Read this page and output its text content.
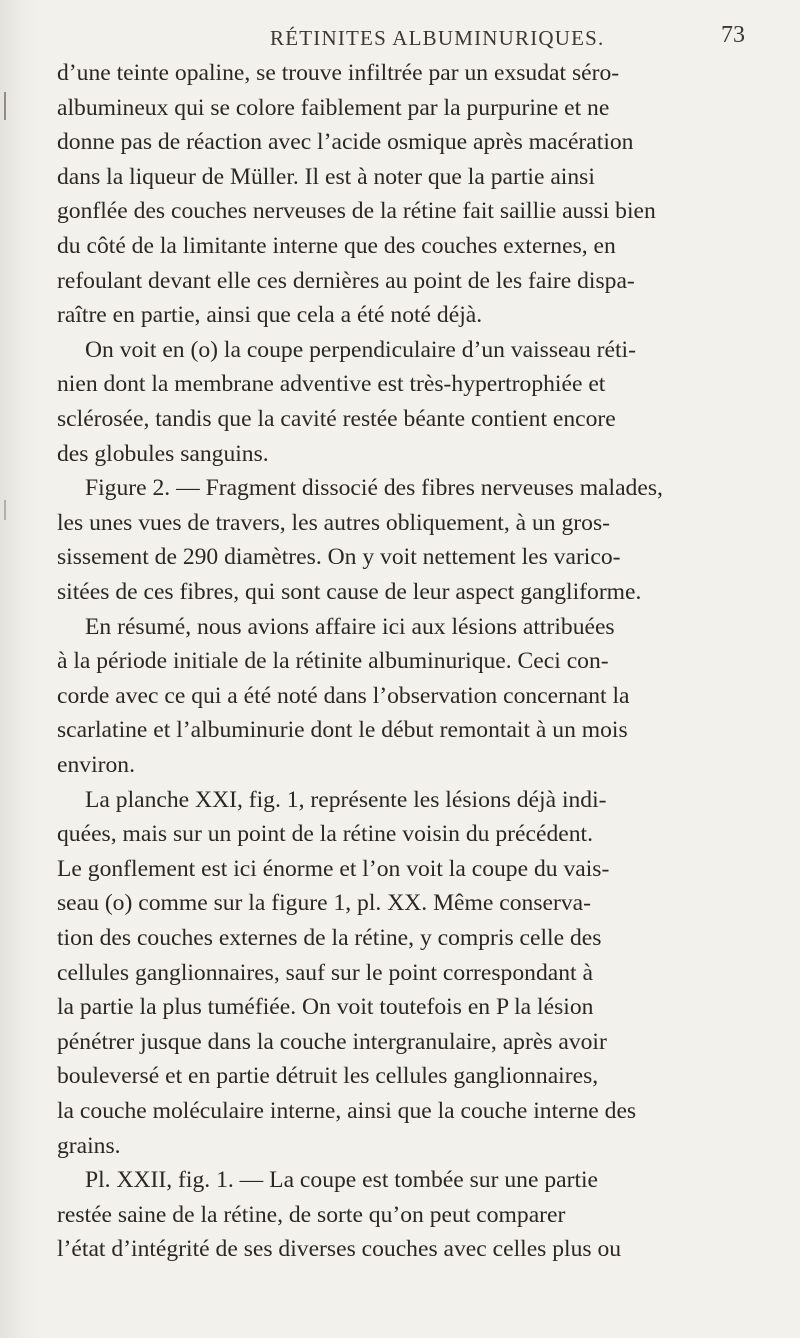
RÉTINITES ALBUMINURIQUES.	73
d’une teinte opaline, se trouve infiltrée par un exsudat séro-
albumineux qui se colore faiblement par la purpurine et ne
donne pas de réaction avec l’acide osmique après macération
dans la liqueur de Müller. Il est à noter que la partie ainsi
gonflée des couches nerveuses de la rétine fait saillie aussi bien
du côté de la limitante interne que des couches externes, en
refoulant devant elle ces dernières au point de les faire dispa-
raître en partie, ainsi que cela a été noté déjà.
On voit en (o) la coupe perpendiculaire d’un vaisseau réti-
nien dont la membrane adventive est très-hypertrophiée et
sclérosée, tandis que la cavité restée béante contient encore
des globules sanguins.
Figure 2. — Fragment dissocié des fibres nerveuses malades,
les unes vues de travers, les autres obliquement, à un gros-
sissement de 290 diamètres. On y voit nettement les varico-
sitées de ces fibres, qui sont cause de leur aspect gangliforme.
En résumé, nous avions affaire ici aux lésions attribuées
à la période initiale de la rétinite albuminurique. Ceci con-
corde avec ce qui a été noté dans l’observation concernant la
scarlatine et l’albuminurie dont le début remontait à un mois
environ.
La planche XXI, fig. 1, représente les lésions déjà indi-
quées, mais sur un point de la rétine voisin du précédent.
Le gonflement est ici énorme et l’on voit la coupe du vais-
seau (o) comme sur la figure 1, pl. XX. Même conserva-
tion des couches externes de la rétine, y compris celle des
cellules ganglionnaires, sauf sur le point correspondant à
la partie la plus tuméfiée. On voit toutefois en P la lésion
pénétrer jusque dans la couche intergranulaire, après avoir
bouleversé et en partie détruit les cellules ganglionnaires,
la couche moléculaire interne, ainsi que la couche interne des
grains.
Pl. XXII, fig. 1. — La coupe est tombée sur une partie
restée saine de la rétine, de sorte qu’on peut comparer
l’état d’intégrité de ses diverses couches avec celles plus ou
